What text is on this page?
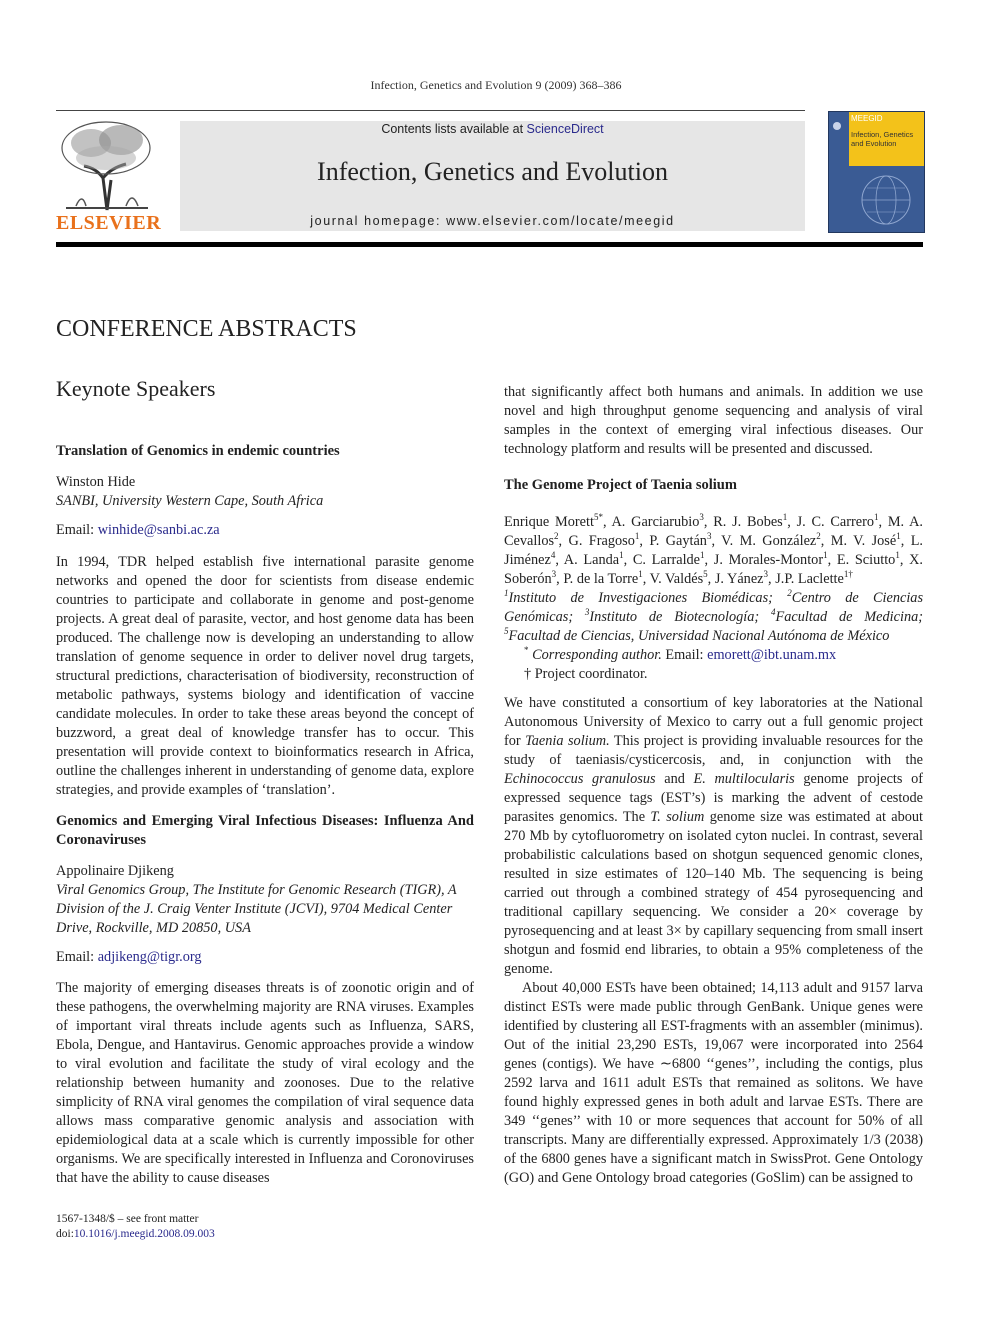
Infection, Genetics and Evolution 9 (2009) 368–386
ELSEVIER
Contents lists available at ScienceDirect
Infection, Genetics and Evolution
journal homepage: www.elsevier.com/locate/meegid
MEEGID
Infection, Genetics and Evolution
CONFERENCE ABSTRACTS
Keynote Speakers
Translation of Genomics in endemic countries

Winston Hide

SANBI, University Western Cape, South Africa

Email: winhide@sanbi.ac.za

In 1994, TDR helped establish five international parasite genome networks and opened the door for scientists from disease endemic countries to participate and collaborate in genome and post-genome projects. A great deal of parasite, vector, and host genome data has been produced. The challenge now is developing an understanding to allow translation of genome sequence in order to deliver novel drug targets, structural predictions, characterisation of biodiversity, reconstruction of metabolic pathways, systems biology and identification of vaccine candidate molecules. In order to take these areas beyond the concept of buzzword, a great deal of knowledge transfer has to occur. This presentation will provide context to bioinformatics research in Africa, outline the challenges inherent in understanding of genome data, explore strategies, and provide examples of ‘translation’.

Genomics and Emerging Viral Infectious Diseases: Influenza And Coronaviruses

Appolinaire Djikeng

Viral Genomics Group, The Institute for Genomic Research (TIGR), A Division of the J. Craig Venter Institute (JCVI), 9704 Medical Center Drive, Rockville, MD 20850, USA

Email: adjikeng@tigr.org

The majority of emerging diseases threats is of zoonotic origin and of these pathogens, the overwhelming majority are RNA viruses. Examples of important viral threats include agents such as Influenza, SARS, Ebola, Dengue, and Hantavirus. Genomic approaches provide a window to viral evolution and facilitate the study of viral ecology and the relationship between humanity and zoonoses. Due to the relative simplicity of RNA viral genomes the compilation of viral sequence data allows mass comparative genomic analysis and association with epidemiological data at a scale which is currently impossible for other organisms. We are specifically interested in Influenza and Coronoviruses that have the ability to cause diseases

that significantly affect both humans and animals. In addition we use novel and high throughput genome sequencing and analysis of viral samples in the context of emerging viral infectious diseases. Our technology platform and results will be presented and discussed.

The Genome Project of Taenia solium

Enrique Morett$^{5*}$, A. Garciarubio$^3$, R. J. Bobes$^1$, J. C. Carrero$^1$, M. A. Cevallos$^2$, G. Fragoso$^1$, P. Gaytán$^3$, V. M. González$^2$, M. V. José$^1$, L. Jiménez$^4$, A. Landa$^1$, C. Larralde$^1$, J. Morales-Montor$^1$, E. Sciutto$^1$, X. Soberón$^3$, P. de la Torre$^1$, V. Valdés$^5$, J. Yánez$^3$, J.P. Laclette$^{1\dagger}$

$^1$Instituto de Investigaciones Biomédicas; $^2$Centro de Ciencias Genómicas; $^3$Instituto de Biotecnología; $^4$Facultad de Medicina; $^5$Facultad de Ciencias, Universidad Nacional Autónoma de México

* Corresponding author. Email: emorett@ibt.unam.mx

† Project coordinator.

We have constituted a consortium of key laboratories at the National Autonomous University of Mexico to carry out a full genomic project for Taenia solium. This project is providing invaluable resources for the study of taeniasis/cysticercosis, and, in conjunction with the Echinococcus granulosus and E. multilocularis genome projects of expressed sequence tags (EST’s) is marking the advent of cestode parasites genomics. The T. solium genome size was estimated at about 270 Mb by cytofluorometry on isolated cyton nuclei. In contrast, several probabilistic calculations based on shotgun sequenced genomic clones, resulted in size estimates of 120–140 Mb. The sequencing is being carried out through a combined strategy of 454 pyrosequencing and traditional capillary sequencing. We consider a 20× coverage by pyrosequencing and at least 3× by capillary sequencing from small insert shotgun and fosmid end libraries, to obtain a 95% completeness of the genome.

About 40,000 ESTs have been obtained; 14,113 adult and 9157 larva distinct ESTs were made public through GenBank. Unique genes were identified by clustering all EST-fragments with an assembler (minimus). Out of the initial 23,290 ESTs, 19,067 were incorporated into 2564 genes (contigs). We have ∼6800 ‘‘genes’’, including the contigs, plus 2592 larva and 1611 adult ESTs that remained as solitons. We have found highly expressed genes in both adult and larvae ESTs. There are 349 ‘‘genes’’ with 10 or more sequences that account for 50% of all transcripts. Many are differentially expressed. Approximately 1/3 (2038) of the 6800 genes have a significant match in SwissProt. Gene Ontology (GO) and Gene Ontology broad categories (GoSlim) can be assigned to

1567-1348/$ – see front matter
doi:10.1016/j.meegid.2008.09.003
